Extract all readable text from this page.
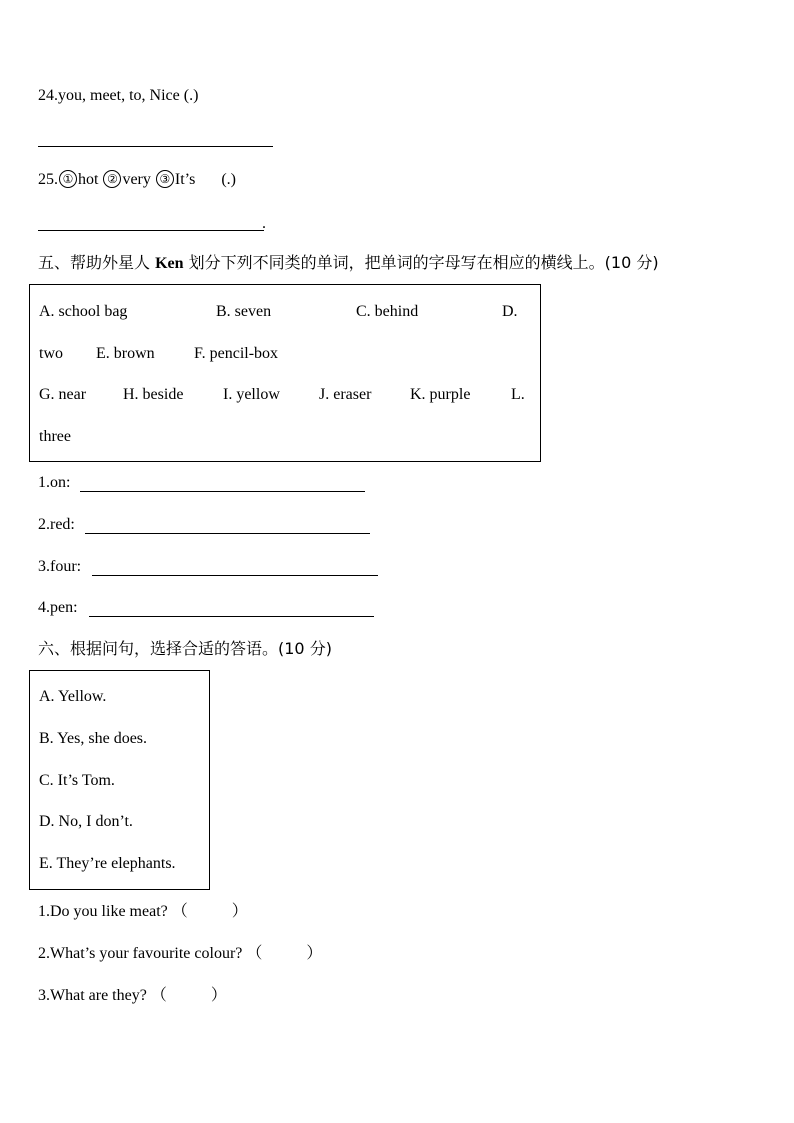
24.you, meet, to, Nice (.)
25. ① hot ② very ③ It’s (.)
.
五、帮助外星人 Ken 划分下列不同类的单词，把单词的字母写在相应的横线上。(10 分)
A. school bag	B. seven	C. behind	D.
two E. brown F. pencil-box
G. near H. beside I. yellow J. eraser K. purple	L.
three
1.on:
2.red:
3.four:
4.pen:
六、根据问句，选择合适的答语。(10 分)
A. Yellow.
B. Yes, she does.
C. It’s Tom.
D. No, I don’t.
E. They’re elephants.
1.Do you like meat? （	）
2.What’s your favourite colour? （	）
3.What are they? （	）
